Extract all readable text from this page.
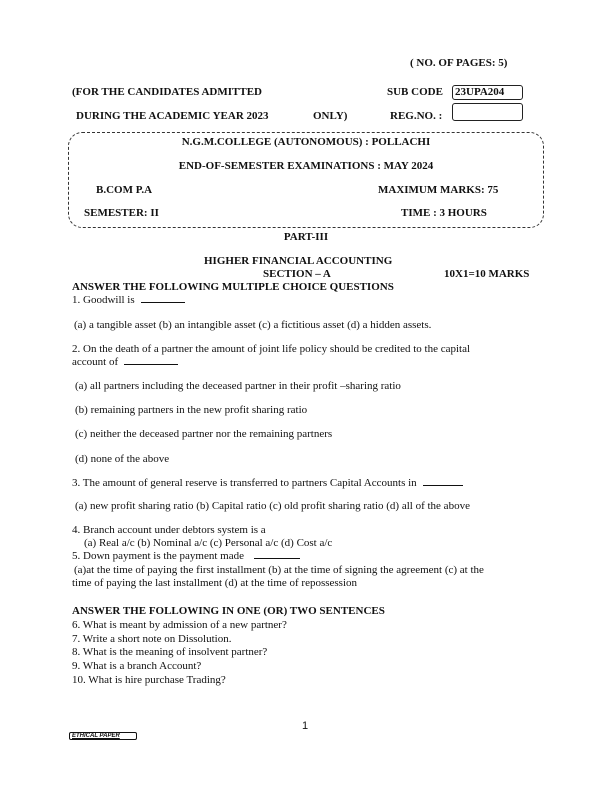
( NO. OF PAGES: 5)
(FOR THE CANDIDATES ADMITTED	SUB CODE 23UPA204
DURING THE ACADEMIC YEAR 2023	ONLY)	REG.NO. :
N.G.M.COLLEGE (AUTONOMOUS) : POLLACHI
END-OF-SEMESTER EXAMINATIONS : MAY 2024
B.COM P.A	MAXIMUM MARKS: 75
SEMESTER: II	TIME : 3 HOURS
PART-III
HIGHER FINANCIAL ACCOUNTING
SECTION – A	10X1=10 MARKS
ANSWER THE FOLLOWING MULTIPLE CHOICE QUESTIONS
1. Goodwill is
(a) a tangible asset (b) an intangible asset (c) a fictitious asset (d) a hidden assets.
2. On the death of a partner the amount of joint life policy should be credited to the capital
account of
(a) all partners including the deceased partner in their profit –sharing ratio
(b) remaining partners in the new profit sharing ratio
(c) neither the deceased partner nor the remaining partners
(d) none of the above
3. The amount of general reserve is transferred to partners Capital Accounts in
(a) new profit sharing ratio (b) Capital ratio (c) old profit sharing ratio (d) all of the above
4. Branch account under debtors system is a
(a) Real a/c (b) Nominal a/c (c) Personal a/c (d) Cost a/c
5. Down payment is the payment made
(a)at the time of paying the first installment (b) at the time of signing the agreement (c) at the
time of paying the last installment (d) at the time of repossession
ANSWER THE FOLLOWING IN ONE (OR) TWO SENTENCES
6. What is meant by admission of a new partner?
7. Write a short note on Dissolution.
8. What is the meaning of insolvent partner?
9. What is a branch Account?
10. What is hire purchase Trading?
1
ETHICAL PAPER
